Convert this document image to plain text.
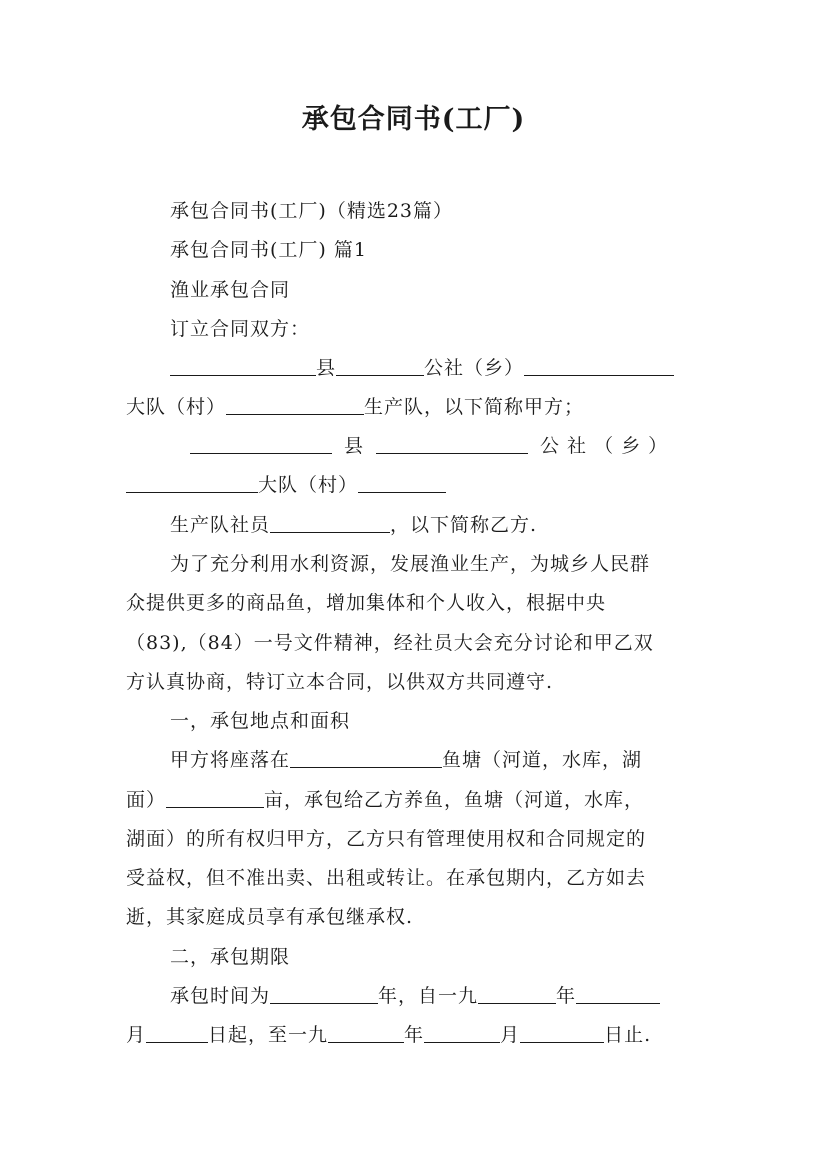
承包合同书(工厂)
承包合同书(工厂)（精选23篇）
承包合同书(工厂) 篇1
渔业承包合同
订立合同双方：
县	公社（乡）
大队（村）	生产队，以下简称甲方；
县	公 社 （ 乡 ）
大队（村）
生产队社员	，以下简称乙方.
为了充分利用水利资源，发展渔业生产，为城乡人民群
众提供更多的商品鱼，增加集体和个人收入，根据中央
（83),（84）一号文件精神，经社员大会充分讨论和甲乙双
方认真协商，特订立本合同，以供双方共同遵守.
一，承包地点和面积
甲方将座落在	鱼塘（河道，水库，湖
面）	亩，承包给乙方养鱼，鱼塘（河道，水库，
湖面）的所有权归甲方，乙方只有管理使用权和合同规定的
受益权，但不准出卖、出租或转让。在承包期内，乙方如去
逝，其家庭成员享有承包继承权.
二，承包期限
承包时间为	年，自一九	年
月	日起，至一九	年	月	日止.
